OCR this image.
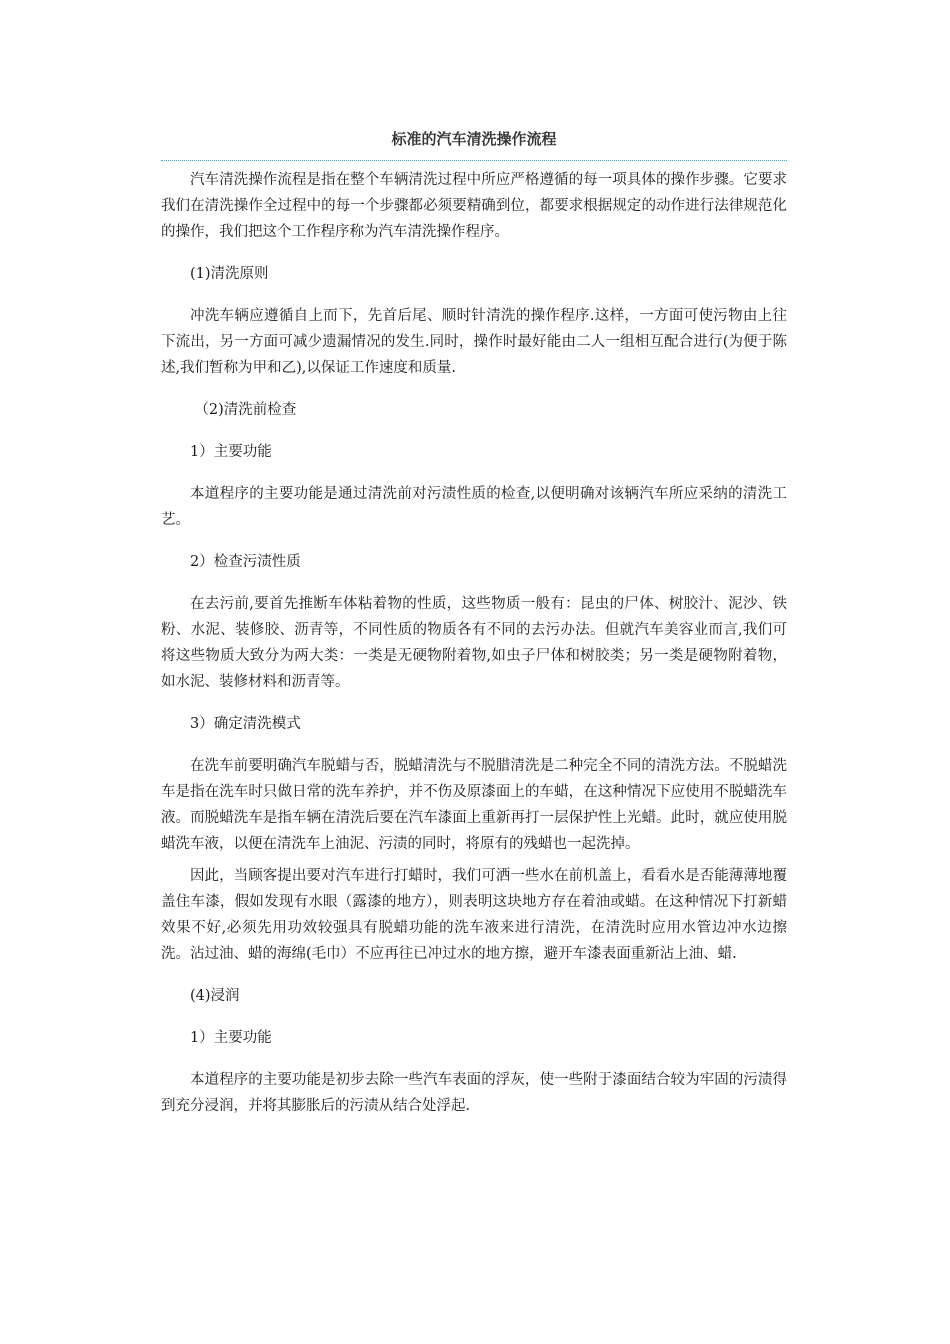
标准的汽车清洗操作流程

汽车清洗操作流程是指在整个车辆清洗过程中所应严格遵循的每一项具体的操作步骤。它要求我们在清洗操作全过程中的每一个步骤都必须要精确到位，都要求根据规定的动作进行法律规范化的操作，我们把这个工作程序称为汽车清洗操作程序。

(1)清洗原则

冲洗车辆应遵循自上而下，先首后尾、顺时针清洗的操作程序.这样，一方面可使污物由上往下流出，另一方面可减少遗漏情况的发生.同时，操作时最好能由二人一组相互配合进行(为便于陈述,我们暂称为甲和乙),以保证工作速度和质量.

（2)清洗前检查

1）主要功能

本道程序的主要功能是通过清洗前对污渍性质的检查,以便明确对该辆汽车所应采纳的清洗工艺。

2）检查污渍性质

在去污前,要首先推断车体粘着物的性质，这些物质一般有：昆虫的尸体、树胶汁、泥沙、铁粉、水泥、装修胶、沥青等，不同性质的物质各有不同的去污办法。但就汽车美容业而言,我们可将这些物质大致分为两大类：一类是无硬物附着物,如虫子尸体和树胶类；另一类是硬物附着物，如水泥、装修材料和沥青等。

3）确定清洗模式

在洗车前要明确汽车脱蜡与否，脱蜡清洗与不脱腊清洗是二种完全不同的清洗方法。不脱蜡洗车是指在洗车时只做日常的洗车养护，并不伤及原漆面上的车蜡，在这种情况下应使用不脱蜡洗车液。而脱蜡洗车是指车辆在清洗后要在汽车漆面上重新再打一层保护性上光蜡。此时，就应使用脱蜡洗车液，以便在清洗车上油泥、污渍的同时，将原有的残蜡也一起洗掉。

因此，当顾客提出要对汽车进行打蜡时，我们可洒一些水在前机盖上，看看水是否能薄薄地覆盖住车漆，假如发现有水眼（露漆的地方），则表明这块地方存在着油或蜡。在这种情况下打新蜡效果不好,必须先用功效较强具有脱蜡功能的洗车液来进行清洗，在清洗时应用水管边冲水边擦洗。沾过油、蜡的海绵(毛巾）不应再往已冲过水的地方擦，避开车漆表面重新沾上油、蜡.

(4)浸润

1）主要功能

本道程序的主要功能是初步去除一些汽车表面的浮灰，使一些附于漆面结合较为牢固的污渍得到充分浸润，并将其膨胀后的污渍从结合处浮起.
